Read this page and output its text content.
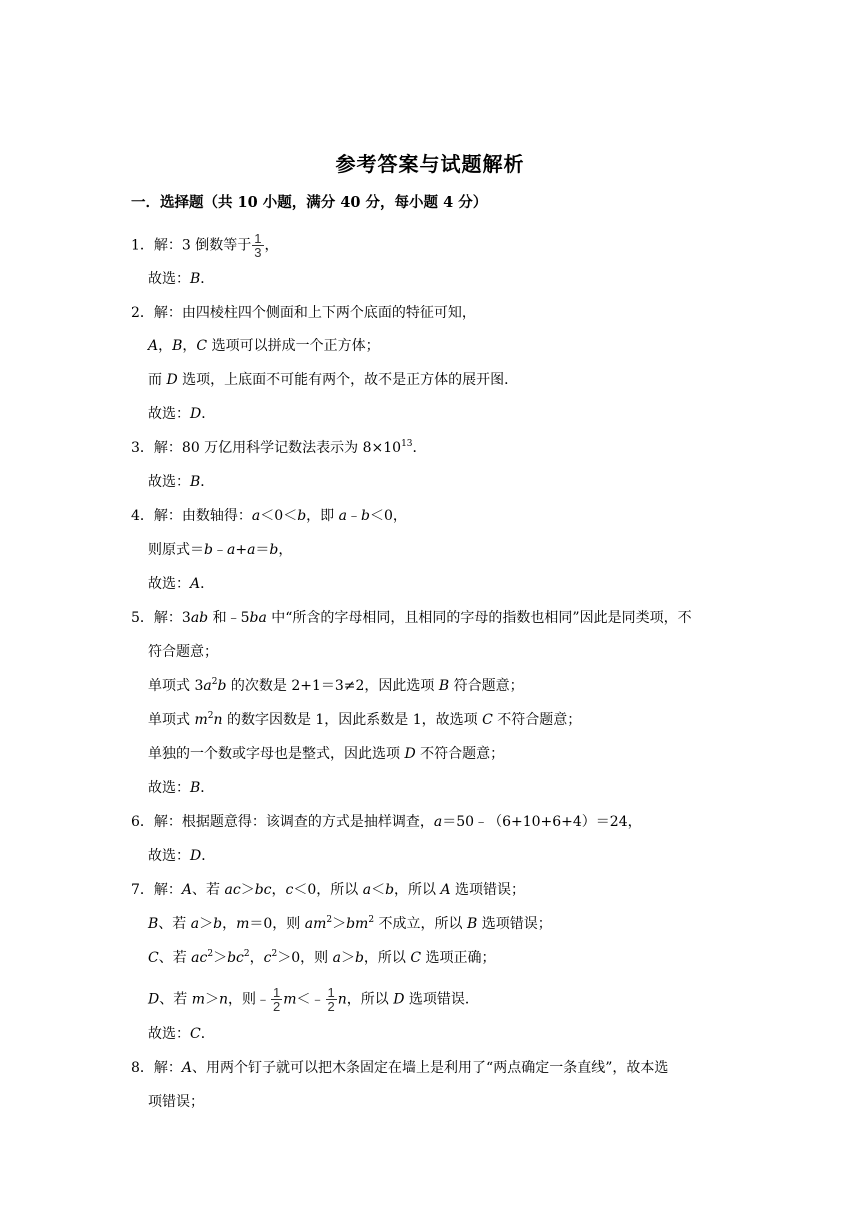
参考答案与试题解析
一．选择题（共 10 小题，满分 40 分，每小题 4 分）
1．解：3 倒数等于 $\frac{1}{3}$ ，
故选：B．
2．解：由四棱柱四个侧面和上下两个底面的特征可知，
A，B，C 选项可以拼成一个正方体；
而 D 选项，上底面不可能有两个，故不是正方体的展开图．
故选：D．
3．解：80 万亿用科学记数法表示为 $8\times 10^{13}$．
故选：B．
4．解：由数轴得：a＜0＜b，即 a﹣b＜0，
则原式＝b﹣a+a＝b，
故选：A．
5．解：3ab 和﹣5ba 中“所含的字母相同，且相同的字母的指数也相同”因此是同类项，不
符合题意；
单项式 $3a^2b$ 的次数是 2+1＝3≠2，因此选项 B 符合题意；
单项式 $m^2n$ 的数字因数是 1，因此系数是 1，故选项 C 不符合题意；
单独的一个数或字母也是整式，因此选项 D 不符合题意；
故选：B．
6．解：根据题意得：该调查的方式是抽样调查，a＝50﹣（6+10+6+4）＝24，
故选：D．
7．解：A、若 ac＞bc，c＜0，所以 a＜b，所以 A 选项错误；
B、若 a＞b，m＝0，则 $am^2>bm^2$ 不成立，所以 B 选项错误；
C、若 $ac^2>bc^2$，$c^2>0$，则 a＞b，所以 C 选项正确；
D、若 m＞n，则﹣ $\frac{1}{2}$ m＜﹣ $\frac{1}{2}$ n，所以 D 选项错误．
故选：C．
8．解：A、用两个钉子就可以把木条固定在墙上是利用了“两点确定一条直线”，故本选
项错误；
